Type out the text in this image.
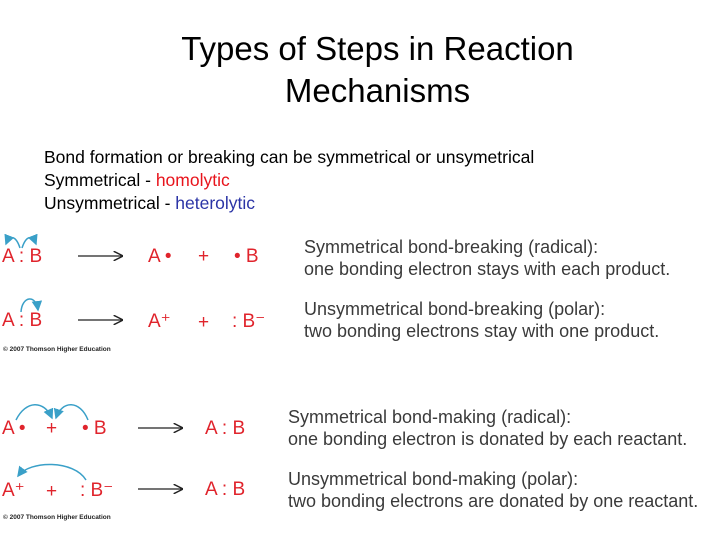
Types of Steps in Reaction
Mechanisms
Bond formation or breaking can be symmetrical or unsymetrical
Symmetrical - homolytic
Unsymmetrical - heterolytic
A : B	A • + • B	Symmetrical bond-breaking (radical):
one bonding electron stays with each product.
A : B	A⁺ + : B⁻
Unsymmetrical bond-breaking (polar):
two bonding electrons stay with one product.
© 2007 Thomson Higher Education
A • + • B	A : B
Symmetrical bond-making (radical):
one bonding electron is donated by each reactant.
A⁺ + : B⁻	A : B Unsymmetrical bond-making (polar):
two bonding electrons are donated by one reactant.
© 2007 Thomson Higher Education
